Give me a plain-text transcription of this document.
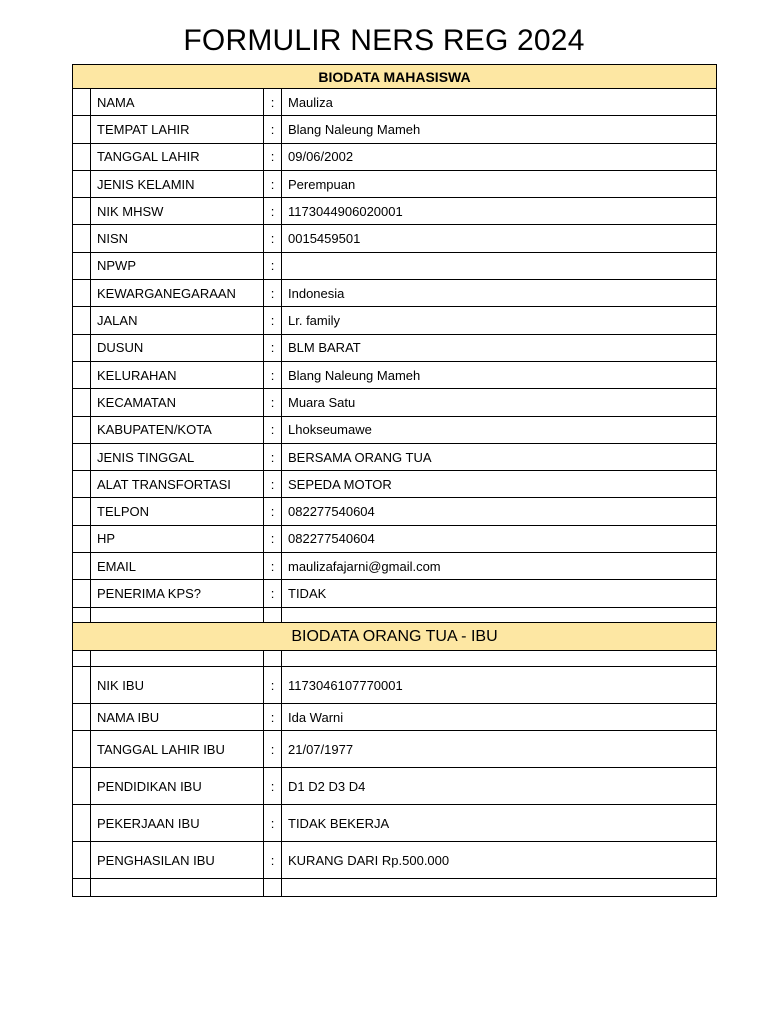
FORMULIR NERS REG 2024
BIODATA MAHASISWA			
	NAMA	:	Mauliza
	TEMPAT LAHIR	:	Blang Naleung Mameh
	TANGGAL LAHIR	:	09/06/2002
	JENIS KELAMIN	:	Perempuan
	NIK MHSW	:	1173044906020001
	NISN	:	0015459501
	NPWP	:	
	KEWARGANEGARAAN	:	Indonesia
	JALAN	:	Lr. family
	DUSUN	:	BLM BARAT
	KELURAHAN	:	Blang Naleung Mameh
	KECAMATAN	:	Muara Satu
	KABUPATEN/KOTA	:	Lhokseumawe
	JENIS TINGGAL	:	BERSAMA ORANG TUA
	ALAT TRANSFORTASI	:	SEPEDA MOTOR
	TELPON	:	082277540604
	HP	:	082277540604
	EMAIL	:	maulizafajarni@gmail.com
	PENERIMA KPS?	:	TIDAK

BIODATA ORANG TUA - IBU			

	NIK IBU	:	1173046107770001
	NAMA IBU	:	Ida Warni
	TANGGAL LAHIR IBU	:	21/07/1977
	PENDIDIKAN IBU	:	D1 D2 D3 D4
	PEKERJAAN IBU	:	TIDAK BEKERJA
	PENGHASILAN IBU	:	KURANG DARI Rp.500.000
